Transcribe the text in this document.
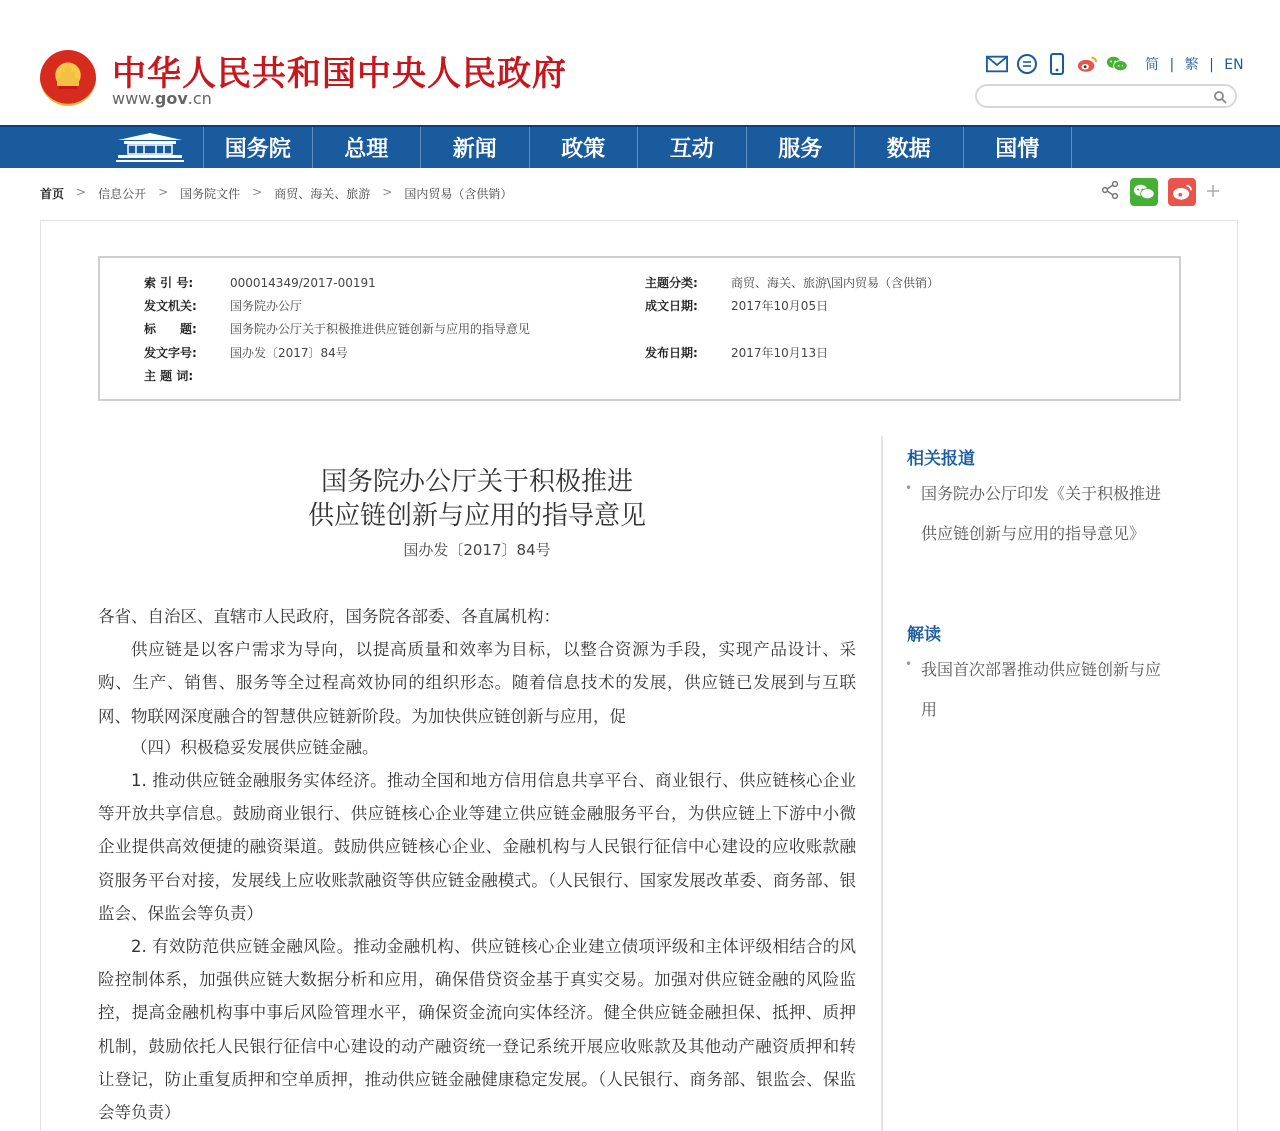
中华人民共和国中央人民政府
www.gov.cn
简 | 繁 | EN
国务院	总理	新闻	政策	互动	服务	数据	国情
首页 > 信息公开 > 国务院文件 > 商贸、海关、旅游 > 国内贸易（含供销）
索 引 号:	000014349/2017-00191	主题分类:	商贸、海关、旅游\国内贸易（含供销）
发文机关:	国务院办公厅	成文日期:	2017年10月05日
标　　题:	国务院办公厅关于积极推进供应链创新与应用的指导意见
发文字号:	国办发〔2017〕84号	发布日期:	2017年10月13日
主 题 词:
国务院办公厅关于积极推进
供应链创新与应用的指导意见
国办发〔2017〕84号

各省、自治区、直辖市人民政府，国务院各部委、各直属机构：

供应链是以客户需求为导向，以提高质量和效率为目标，以整合资源为手段，实现产品设计、采购、生产、销售、服务等全过程高效协同的组织形态。随着信息技术的发展，供应链已发展到与互联网、物联网深度融合的智慧供应链新阶段。为加快供应链创新与应用，促

（四）积极稳妥发展供应链金融。

1. 推动供应链金融服务实体经济。推动全国和地方信用信息共享平台、商业银行、供应链核心企业等开放共享信息。鼓励商业银行、供应链核心企业等建立供应链金融服务平台，为供应链上下游中小微企业提供高效便捷的融资渠道。鼓励供应链核心企业、金融机构与人民银行征信中心建设的应收账款融资服务平台对接，发展线上应收账款融资等供应链金融模式。（人民银行、国家发展改革委、商务部、银监会、保监会等负责）

2. 有效防范供应链金融风险。推动金融机构、供应链核心企业建立债项评级和主体评级相结合的风险控制体系，加强供应链大数据分析和应用，确保借贷资金基于真实交易。加强对供应链金融的风险监控，提高金融机构事中事后风险管理水平，确保资金流向实体经济。健全供应链金融担保、抵押、质押机制，鼓励依托人民银行征信中心建设的动产融资统一登记系统开展应收账款及其他动产融资质押和转让登记，防止重复质押和空单质押，推动供应链金融健康稳定发展。（人民银行、商务部、银监会、保监会等负责）

相关报道
• 国务院办公厅印发《关于积极推进供应链创新与应用的指导意见》
解读
• 我国首次部署推动供应链创新与应用
